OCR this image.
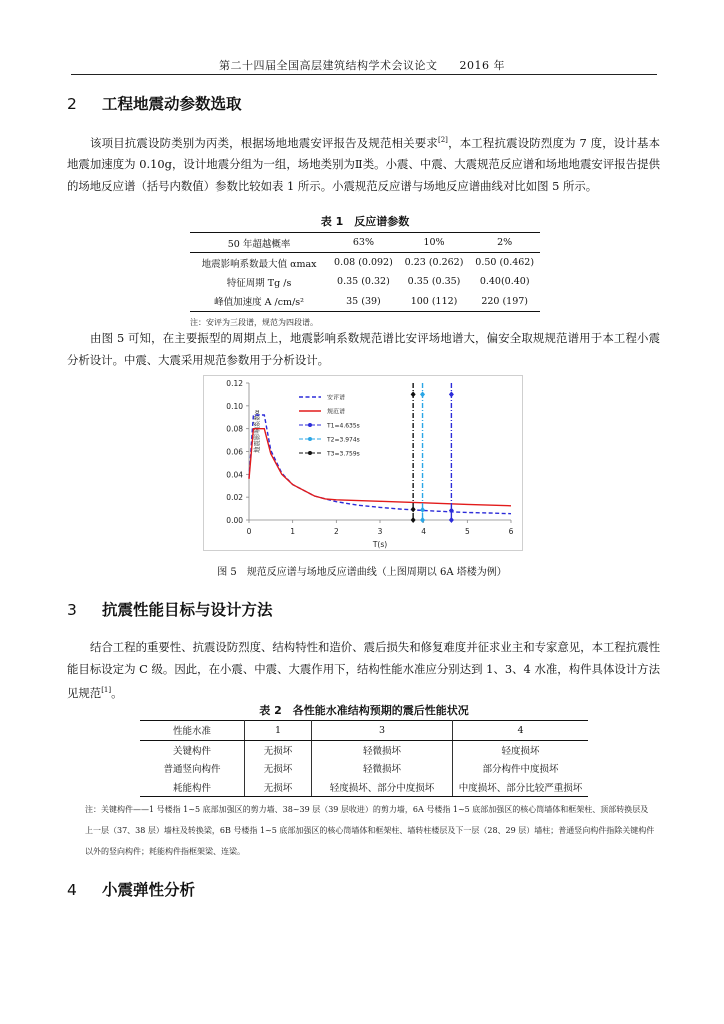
第二十四届全国高层建筑结构学术会议论文 2016 年
2 工程地震动参数选取

该项目抗震设防类别为丙类，根据场地地震安评报告及规范相关要求[2]，本工程抗震设防烈度为 7 度，设计基本地震加速度为 0.10g，设计地震分组为一组，场地类别为Ⅱ类。小震、中震、大震规范反应谱和场地地震安评报告提供的场地反应谱（括号内数值）参数比较如表 1 所示。小震规范反应谱与场地反应谱曲线对比如图 5 所示。

表 1　反应谱参数
50 年超越概率	63%	10%	2%
地震影响系数最大值 αmax	0.08 (0.092)	0.23 (0.262)	0.50 (0.462)
特征周期 Tg /s	0.35 (0.32)	0.35 (0.35)	0.40(0.40)
峰值加速度 A /cm/s²	35 (39)	100 (112)	220 (197)
注：安评为三段谱，规范为四段谱。

由图 5 可知，在主要振型的周期点上，地震影响系数规范谱比安评场地谱大，偏安全取规规范谱用于本工程小震分析设计。中震、大震采用规范参数用于分析设计。

0.00
0.02
0.04
0.06
0.08
0.10
0.12
0	1	2	3	4	5	6
T(s)
地震影响系数α
安评谱
规范谱
T1=4.635s
T2=3.974s
T3=3.759s
图 5　规范反应谱与场地反应谱曲线（上图周期以 6A 塔楼为例）
3 抗震性能目标与设计方法

结合工程的重要性、抗震设防烈度、结构特性和造价、震后损失和修复难度并征求业主和专家意见，本工程抗震性能目标设定为 C 级。因此，在小震、中震、大震作用下，结构性能水准应分别达到 1、3、4 水准，构件具体设计方法见规范[1]。

表 2　各性能水准结构预期的震后性能状况
性能水准	1	3	4
关键构件	无损坏	轻微损坏	轻度损坏
普通竖向构件	无损坏	轻微损坏	部分构件中度损坏
耗能构件	无损坏	轻度损坏、部分中度损坏	中度损坏、部分比较严重损坏
注：关键构件——1 号楼指 1~5 底部加强区的剪力墙、38~39 层（39 层收进）的剪力墙，6A 号楼指 1~5 底部加强区的核心筒墙体和框架柱、顶部转换层及上一层（37、38 层）墙柱及转换梁，6B 号楼指 1~5 底部加强区的核心筒墙体和框架柱、墙转柱楼层及下一层（28、29 层）墙柱；普通竖向构件指除关键构件以外的竖向构件；耗能构件指框架梁、连梁。
4 小震弹性分析
